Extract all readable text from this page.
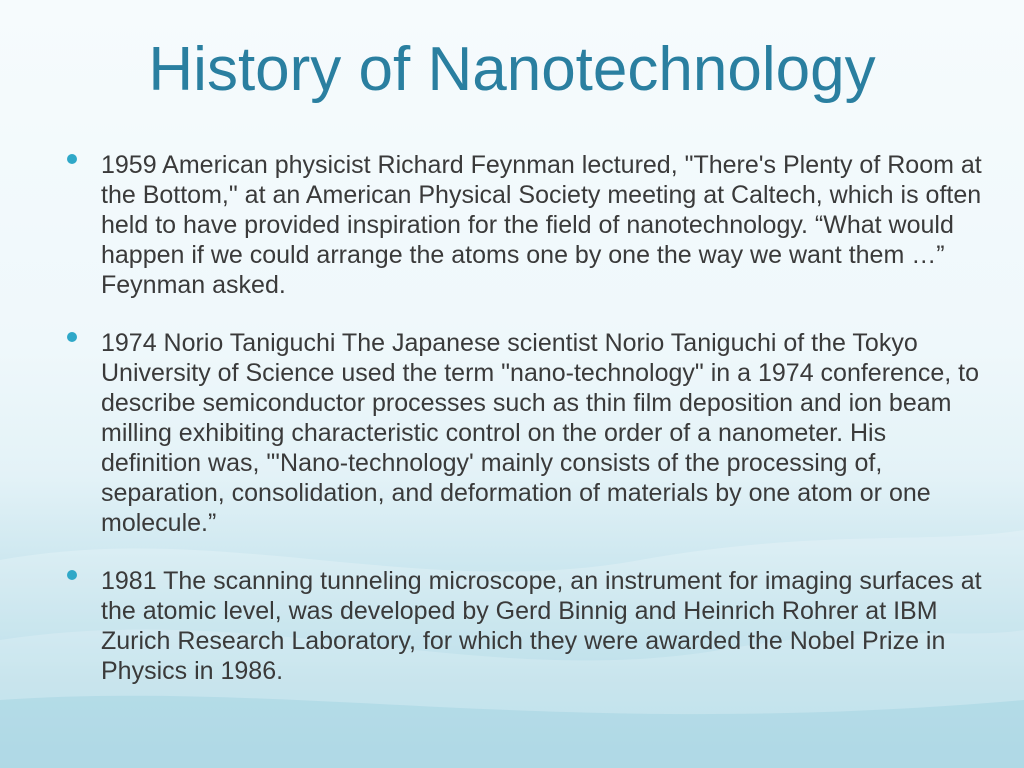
History of Nanotechnology
1959 American physicist Richard Feynman lectured, "There's Plenty of Room at the Bottom," at an American Physical Society meeting at Caltech, which is often held to have provided inspiration for the field of nanotechnology. “What would happen if we could arrange the atoms one by one the way we want them …” Feynman asked.
1974 Norio Taniguchi The Japanese scientist Norio Taniguchi of the Tokyo University of Science used the term "nano-technology" in a 1974 conference, to describe semiconductor processes such as thin film deposition and ion beam milling exhibiting characteristic control on the order of a nanometer. His definition was, "'Nano-technology' mainly consists of the processing of, separation, consolidation, and deformation of materials by one atom or one molecule.”
1981 The scanning tunneling microscope, an instrument for imaging surfaces at the atomic level, was developed by Gerd Binnig and Heinrich Rohrer at IBM Zurich Research Laboratory, for which they were awarded the Nobel Prize in Physics in 1986.
